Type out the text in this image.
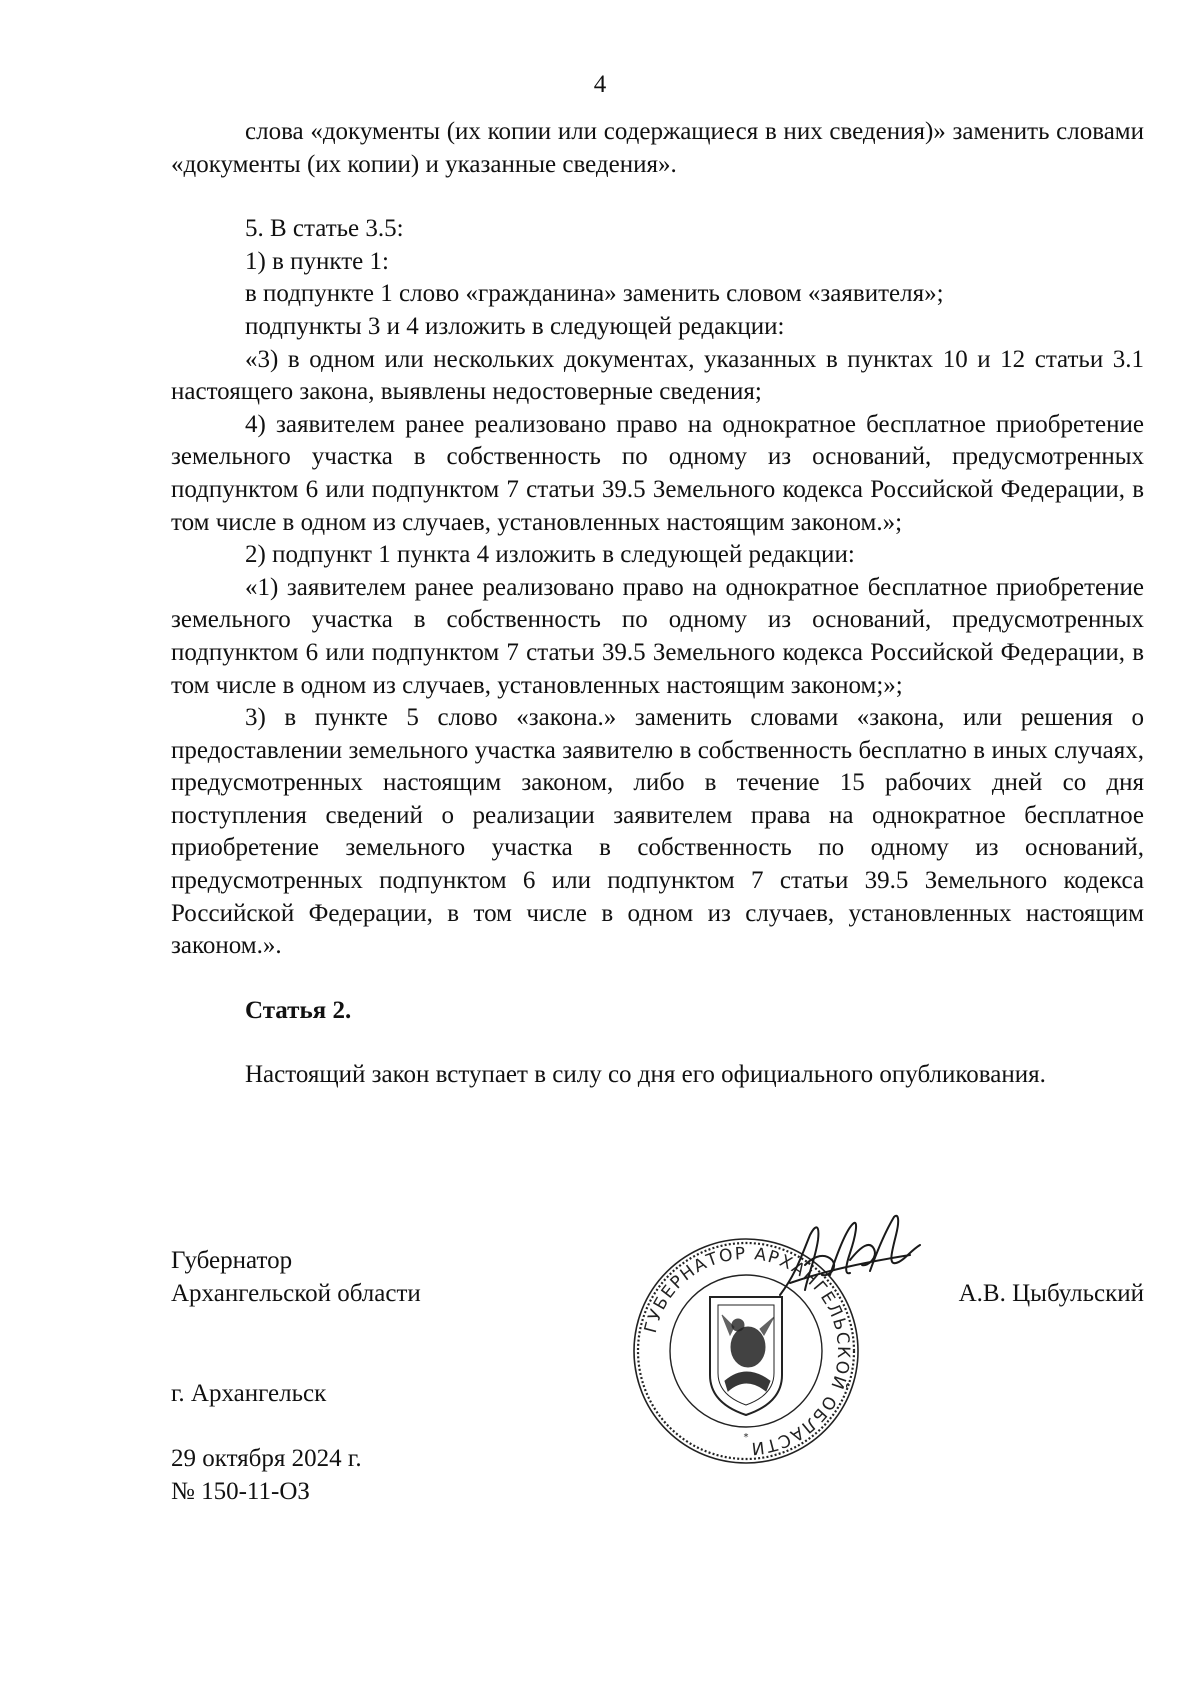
4

слова «документы (их копии или содержащиеся в них сведения)» заменить словами «документы (их копии) и указанные сведения».

5. В статье 3.5:

1) в пункте 1:

в подпункте 1 слово «гражданина» заменить словом «заявителя»;

подпункты 3 и 4 изложить в следующей редакции:

«3) в одном или нескольких документах, указанных в пунктах 10 и 12 статьи 3.1 настоящего закона, выявлены недостоверные сведения;

4) заявителем ранее реализовано право на однократное бесплатное приобретение земельного участка в собственность по одному из оснований, предусмотренных подпунктом 6 или подпунктом 7 статьи 39.5 Земельного кодекса Российской Федерации, в том числе в одном из случаев, установленных настоящим законом.»;

2) подпункт 1 пункта 4 изложить в следующей редакции:

«1) заявителем ранее реализовано право на однократное бесплатное приобретение земельного участка в собственность по одному из оснований, предусмотренных подпунктом 6 или подпунктом 7 статьи 39.5 Земельного кодекса Российской Федерации, в том числе в одном из случаев, установленных настоящим законом;»;

3) в пункте 5 слово «закона.» заменить словами «закона, или решения о предоставлении земельного участка заявителю в собственность бесплатно в иных случаях, предусмотренных настоящим законом, либо в течение 15 рабочих дней со дня поступления сведений о реализации заявителем права на однократное бесплатное приобретение земельного участка в собственность по одному из оснований, предусмотренных подпунктом 6 или подпунктом 7 статьи 39.5 Земельного кодекса Российской Федерации, в том числе в одном из случаев, установленных настоящим законом.».

Статья 2.

Настоящий закон вступает в силу со дня его официального опубликования.

Губернатор
Архангельской области	А.В. Цыбульский
ГУБЕРНАТОР АРХАНГЕЛЬСКОЙ ОБЛАСТИ
*
г. Архангельск
29 октября 2024 г.
№ 150-11-ОЗ
